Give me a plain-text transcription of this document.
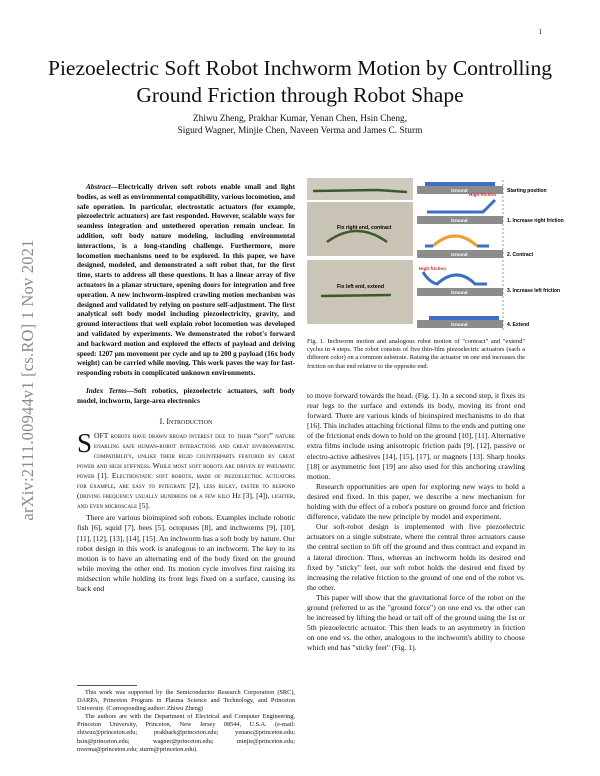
1
arXiv:2111.00944v1 [cs.RO] 1 Nov 2021
Piezoelectric Soft Robot Inchworm Motion by Controlling Ground Friction through Robot Shape
Zhiwu Zheng, Prakhar Kumar, Yenan Chen, Hsin Cheng,
Sigurd Wagner, Minjie Chen, Naveen Verma and James C. Sturm

Abstract—Electrically driven soft robots enable small and light bodies, as well as environmental compatibility, various locomotion, and safe operation. In particular, electrostatic actuators (for example, piezoelectric actuators) are fast responded. However, scalable ways for seamless integration and untethered operation remain unclear. In addition, soft body nature modeling, including environmental interactions, is a long-standing challenge. Furthermore, more locomotion mechanisms need to be explored. In this paper, we have designed, modeled, and demonstrated a soft robot that, for the first time, starts to address all these questions. It has a linear array of five actuators in a planar structure, opening doors for integration and free operation. A new inchworm-inspired crawling motion mechanism was designed and validated by relying on posture self-adjustment. The first analytical soft body model including piezoelectricity, gravity, and ground interactions that well explain robot locomotion was developed and validated by experiments. We demonstrated the robot's forward and backward motion and explored the effects of payload and driving speed: 1207 µm movement per cycle and up to 200 g payload (16x body weight) can be carried while moving. This work paves the way for fast-responding robots in complicated unknown environments.

Index Terms—Soft robotics, piezoelectric actuators, soft body model, inchworm, large-area electronics

I. Introduction

SOFT robots have drawn broad interest due to their “soft” nature enabling safe human-robot interactions and great environmental compatibility, unlike their rigid counterparts featured by great power and high stiffness. While most soft robots are driven by pneumatic power [1]. Electrostatic soft robots, made of piezoelectric actuators for example, are easy to integrate [2], less bulky, faster to respond (driving frequency usually hundreds or a few kilo Hz [3], [4]), lighter, and even microscale [5].

There are various bioinspired soft robots. Examples include robotic fish [6], squid [7], bees [5], octopuses [8], and inchworms [9], [10], [11], [12], [13], [14], [15]. An inchworm has a soft body by nature. Our robot design in this work is analogous to an inchworm. The key to its motion is to have an alternating end of the body fixed on the ground while moving the other end. Its motion cycle involves first raising its midsection while holding its front legs fixed on a surface, causing its back end

This work was supported by the Semiconductor Research Corporation (SRC), DARPA, Princeton Program in Plasma Science and Technology, and Princeton University. (Corresponding author: Zhiwu Zheng)

The authors are with the Department of Electrical and Computer Engineering, Princeton University, Princeton, New Jersey 08544, U.S.A. (e-mail: zhiwuz@princeton.edu; prakhark@princeton.edu; yenanc@princeton.edu; hsin@princeton.edu; wagner@princeton.edu; minjie@princeton.edu; nverma@princeton.edu; sturm@princeton.edu).

Fix right end, contract
Fix left end, extend
Ground
Ground
High friction
Ground
Ground
High friction
Ground
Starting position
1. Increase right friction
2. Contract
3. Increase left friction
4. Extend
Fig. 1. Inchworm motion and analogous robot motion of "contract" and "extend" cycles in 4 steps. The robot consists of five thin-film piezoelectric actuators (each a different color) on a common substrate. Raising the actuator on one end increases the friction on that end relative to the opposite end.

to move forward towards the head. (Fig. 1). In a second step, it fixes its rear legs to the surface and extends its body, moving its front end forward. There are various kinds of bioinspired mechanisms to do that [16]. This includes attaching frictional films to the ends and putting one of the frictional ends down to hold on the ground [10], [11]. Alternative extra films include using anisotropic friction pads [9], [12], passive or electro-active adhesives [14], [15], [17], or magnets [13]. Sharp hooks [18] or asymmetric feet [19] are also used for this anchoring crawling motion.

Research opportunities are open for exploring new ways to hold a desired end fixed. In this paper, we describe a new mechanism for holding with the effect of a robot's posture on ground force and friction difference, validate the new principle by model and experiment.

Our soft-robot design is implemented with five piezoelectric actuators on a single substrate, where the central three actuators cause the central section to lift off the ground and thus contract and expand in a lateral direction. Thus, whereas an inchworm holds its desired end fixed by "sticky" feet, our soft robot holds the desired end fixed by increasing the relative friction to the ground of one end of the robot vs. the other.

This paper will show that the gravitational force of the robot on the ground (referred to as the "ground force") on one end vs. the other can be increased by lifting the head or tail off of the ground using the 1st or 5th piezoelectric actuator. This then leads to an asymmetry in friction on one end vs. the other, analogous to the inchworm's ability to choose which end has "sticky feet" (Fig. 1).
